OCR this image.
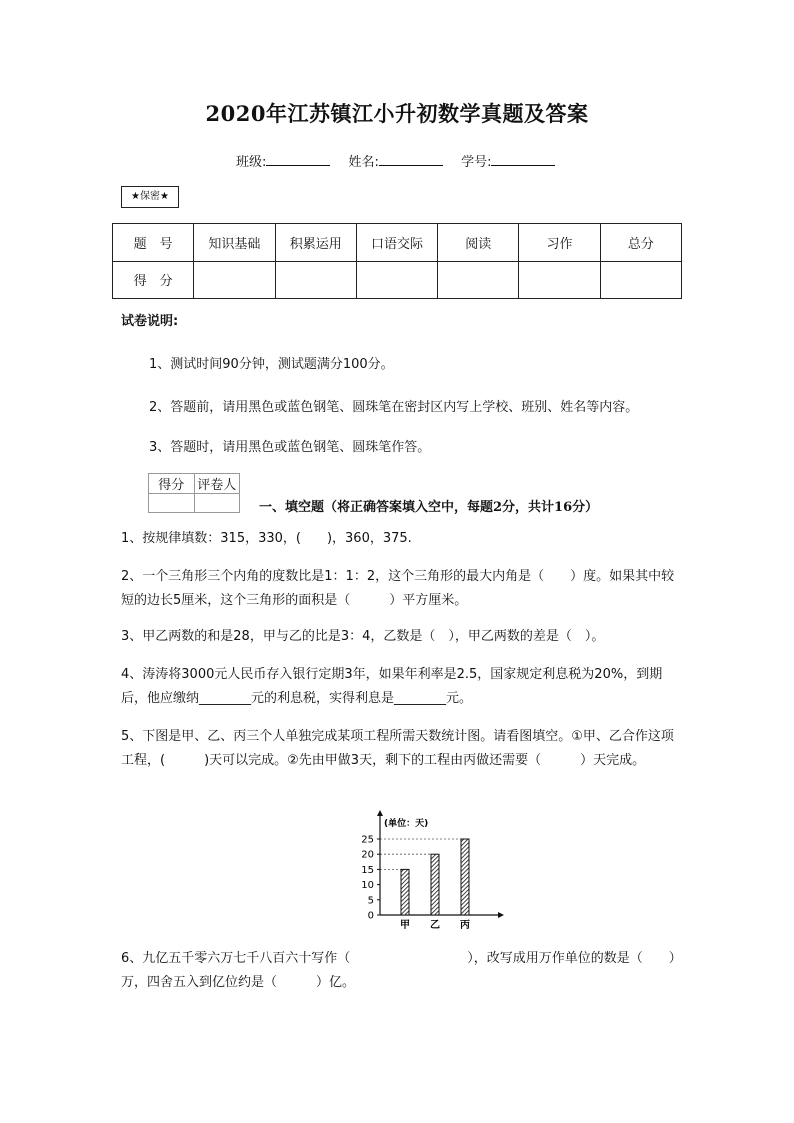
2020年江苏镇江小升初数学真题及答案
班级:	姓名:	学号:
★保密★
题　号	知识基础	积累运用	口语交际	阅读	习作	总分
得　分						
试卷说明:
1、测试时间90分钟，测试题满分100分。
2、答题前，请用黑色或蓝色钢笔、圆珠笔在密封区内写上学校、班别、姓名等内容。
3、答题时，请用黑色或蓝色钢笔、圆珠笔作答。
得分	评卷人

一、填空题（将正确答案填入空中，每题2分，共计16分）
1、按规律填数：315，330，(　　)，360，375.
2、一个三角形三个内角的度数比是1：1：2，这个三角形的最大内角是（　　）度。如果其中较短的边长5厘米，这个三角形的面积是（　　　）平方厘米。
3、甲乙两数的和是28，甲与乙的比是3：4，乙数是（　），甲乙两数的差是（　）。
4、涛涛将3000元人民币存入银行定期3年，如果年利率是2.5，国家规定利息税为20%，到期后，他应缴纳________元的利息税，实得利息是________元。
5、下图是甲、乙、丙三个人单独完成某项工程所需天数统计图。请看图填空。①甲、乙合作这项工程，(　　　)天可以完成。②先由甲做3天，剩下的工程由丙做还需要（　　　）天完成。
(单位：天)
0
5
10
15
20
25
甲 乙 丙
6、九亿五千零六万七千八百六十写作（　　　　　　　　　），改写成用万作单位的数是（　　）万，四舍五入到亿位约是（　　　）亿。
